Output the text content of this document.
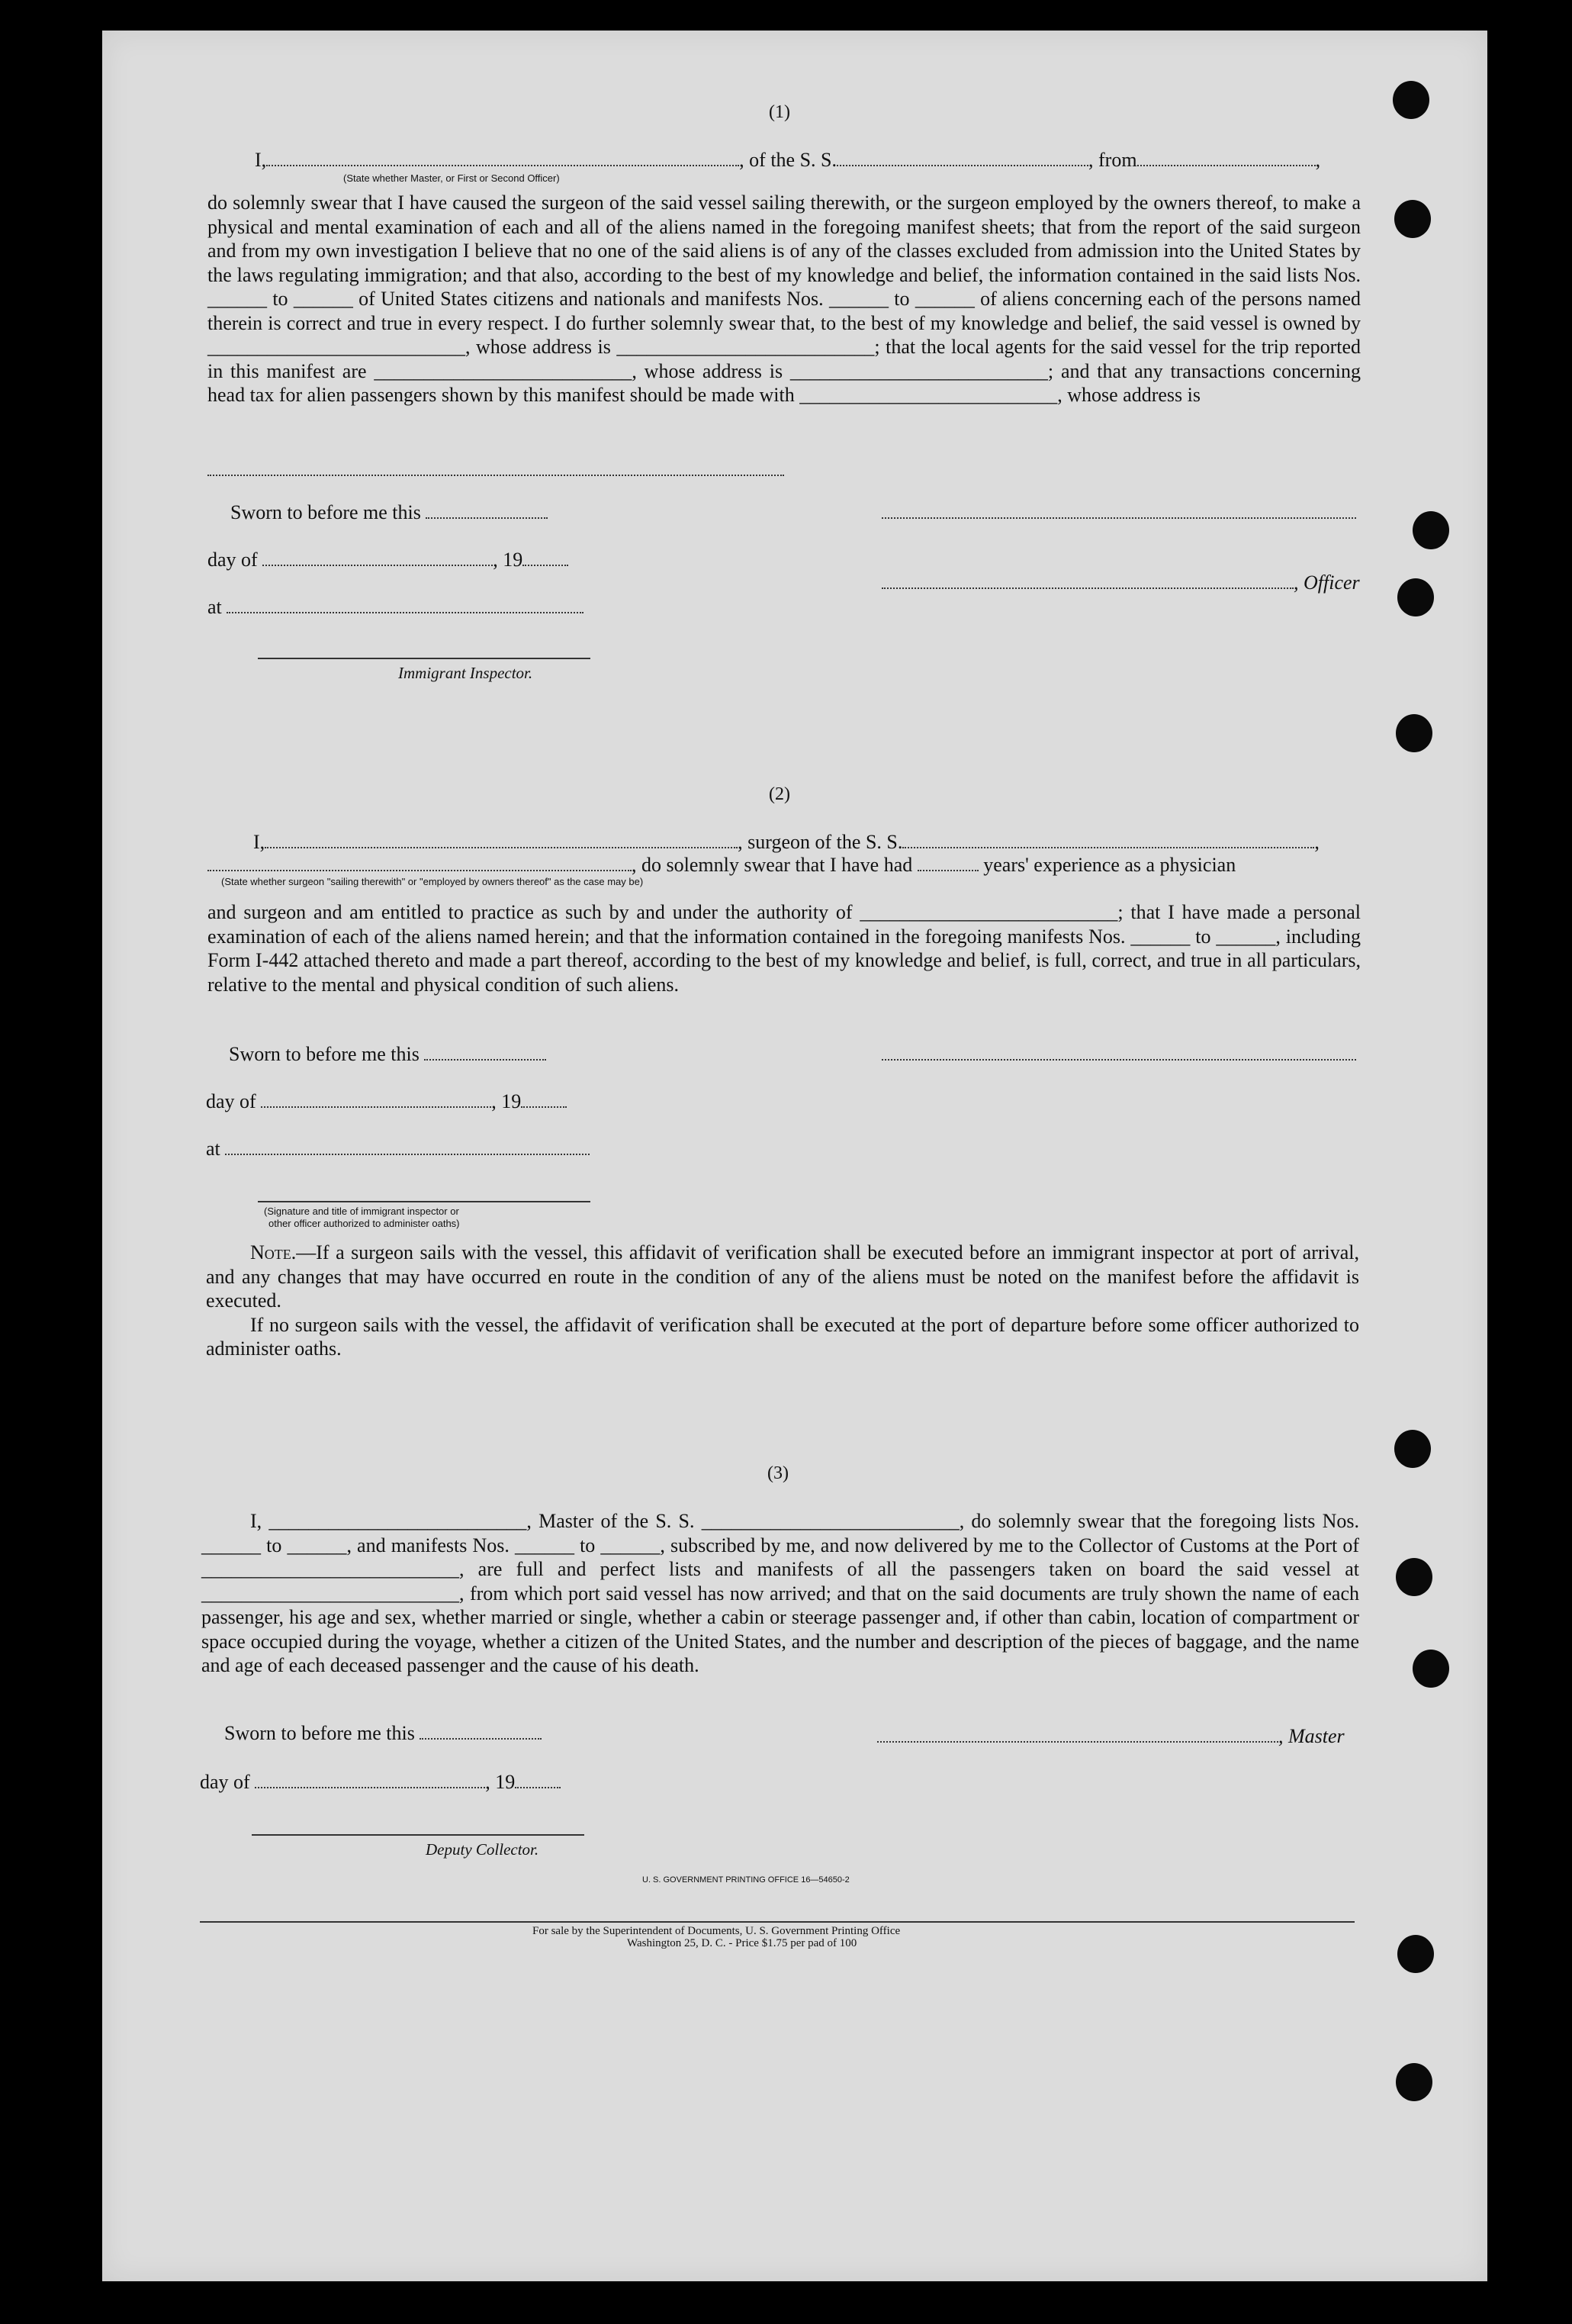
(1)
I,	, of the S. S.	, from	,
(State whether Master, or First or Second Officer)

do solemnly swear that I have caused the surgeon of the said vessel sailing therewith, or the surgeon employed by the owners thereof, to make a physical and mental examination of each and all of the aliens named in the foregoing manifest sheets; that from the report of the said surgeon and from my own investigation I believe that no one of the said aliens is of any of the classes excluded from admission into the United States by the laws regulating immigration; and that also, according to the best of my knowledge and belief, the information contained in the said lists Nos. ______ to ______ of United States citizens and nationals and manifests Nos. ______ to ______ of aliens concerning each of the persons named therein is correct and true in every respect. I do further solemnly swear that, to the best of my knowledge and belief, the said vessel is owned by __________________________, whose address is __________________________; that the local agents for the said vessel for the trip reported in this manifest are __________________________, whose address is __________________________; and that any transactions concerning head tax for alien passengers shown by this manifest should be made with __________________________, whose address is

Sworn to before me this
day of	, 19
, Officer
at
Immigrant Inspector.
(2)
I,	, surgeon of the S. S.	,
, do solemnly swear that I have had	years' experience as a physician
(State whether surgeon "sailing therewith" or "employed by owners thereof" as the case may be)

and surgeon and am entitled to practice as such by and under the authority of __________________________; that I have made a personal examination of each of the aliens named herein; and that the information contained in the foregoing manifests Nos. ______ to ______, including Form I-442 attached thereto and made a part thereof, according to the best of my knowledge and belief, is full, correct, and true in all particulars, relative to the mental and physical condition of such aliens.

Sworn to before me this
day of	, 19
at
(Signature and title of immigrant inspector or
other officer authorized to administer oaths)

Note.—If a surgeon sails with the vessel, this affidavit of verification shall be executed before an immigrant inspector at port of arrival, and any changes that may have occurred en route in the condition of any of the aliens must be noted on the manifest before the affidavit is executed.

If no surgeon sails with the vessel, the affidavit of verification shall be executed at the port of departure before some officer authorized to administer oaths.

(3)

I, __________________________, Master of the S. S. __________________________, do solemnly swear that the foregoing lists Nos. ______ to ______, and manifests Nos. ______ to ______, subscribed by me, and now delivered by me to the Collector of Customs at the Port of __________________________, are full and perfect lists and manifests of all the passengers taken on board the said vessel at __________________________, from which port said vessel has now arrived; and that on the said documents are truly shown the name of each passenger, his age and sex, whether married or single, whether a cabin or steerage passenger and, if other than cabin, location of compartment or space occupied during the voyage, whether a citizen of the United States, and the number and description of the pieces of baggage, and the name and age of each deceased passenger and the cause of his death.

Sworn to before me this	, Master
day of	, 19
Deputy Collector.
U. S. GOVERNMENT PRINTING OFFICE 16—54650-2
For sale by the Superintendent of Documents, U. S. Government Printing Office
Washington 25, D. C. - Price $1.75 per pad of 100
